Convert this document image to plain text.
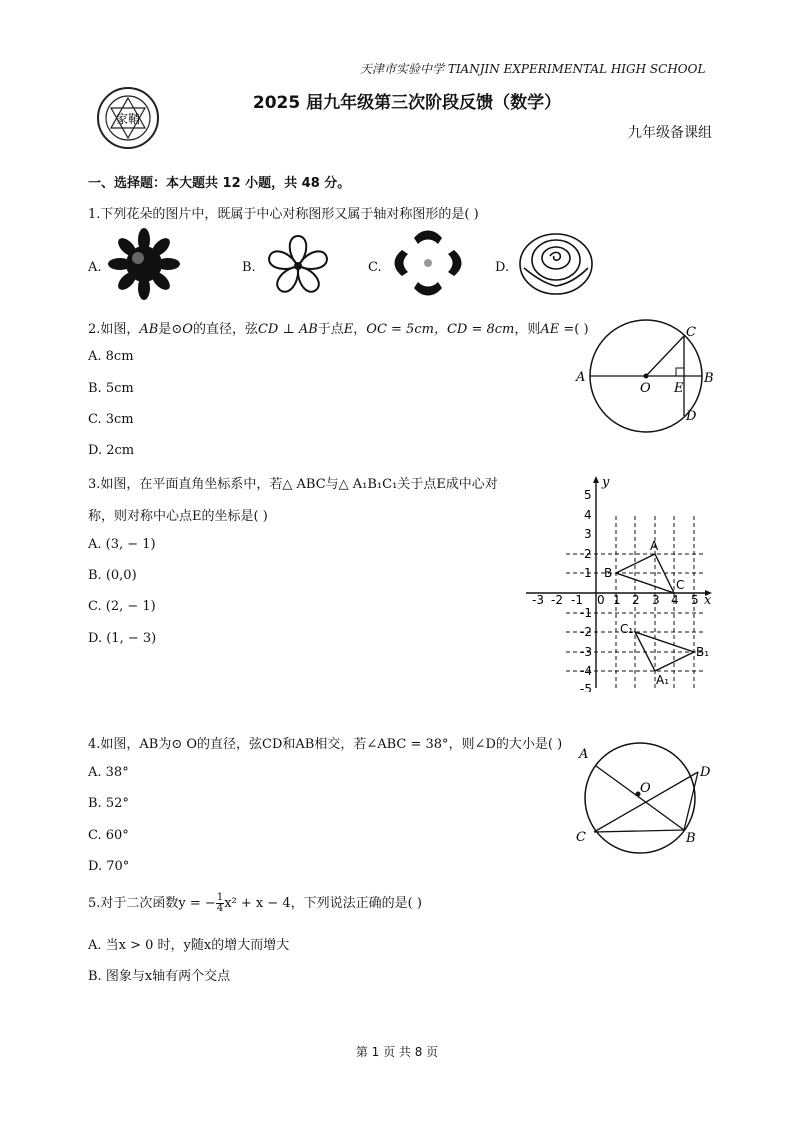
天津市实验中学 TIANJIN EXPERIMENTAL HIGH SCHOOL
家鞘
2025 届九年级第三次阶段反馈（数学）
九年级备课组
一、选择题：本大题共 12 小题，共 48 分。
1.下列花朵的图片中，既属于中心对称图形又属于轴对称图形的是( )
A.	B.	C.	D.
2.如图，AB是⊙O的直径，弦CD ⊥ AB于点E，OC = 5cm，CD = 8cm，则AE =( )
A. 8cm
B. 5cm
C. 3cm
D. 2cm
A
O E
B
C
D
3.如图，在平面直角坐标系中，若△ ABC与△ A₁B₁C₁关于点E成中心对
称，则对称中心点E的坐标是( )
A. (3, − 1)
B. (0,0)
C. (2, − 1)
D. (1, − 3)
x
y
-3 -2 -1 0 1 2 3 4 5
5
4
3
2
1
-1
-2
-3
-4
-5
A
B
C
A₁
B₁
C₁
4.如图，AB为⊙ O的直径，弦CD和AB相交，若∠ABC = 38°，则∠D的大小是( )
A. 38°
B. 52°
C. 60°
D. 70°
A
O
D
C	B
5.对于二次函数y = − $\frac{1}{4} x^2 + x - 4$，下列说法正确的是( )
A. 当x > 0 时，y随x的增大而增大
B. 图象与x轴有两个交点
第 1 页 共 8 页
